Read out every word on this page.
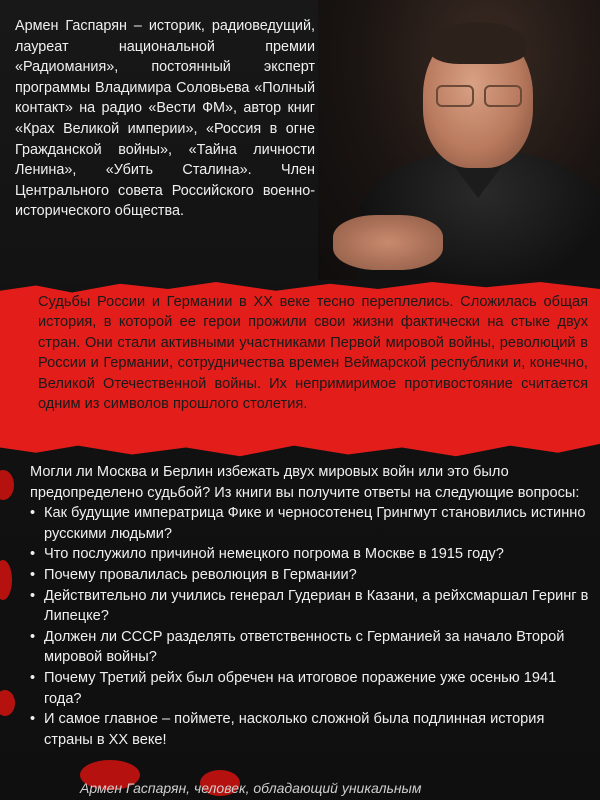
Армен Гаспарян – историк, радиоведущий, лауреат национальной премии «Радиомания», постоянный эксперт программы Владимира Соловьева «Полный контакт» на радио «Вести ФМ», автор книг «Крах Великой империи», «Россия в огне Гражданской войны», «Тайна личности Ленина», «Убить Сталина». Член Центрального совета Российского военно-исторического общества.
Судьбы России и Германии в XX веке тесно переплелись. Сложилась общая история, в которой ее герои прожили свои жизни фактически на стыке двух стран. Они стали активными участниками Первой мировой войны, революций в России и Германии, сотрудничества времен Веймарской республики и, конечно, Великой Отечественной войны. Их непримиримое противостояние считается одним из символов прошлого столетия.

Могли ли Москва и Берлин избежать двух мировых войн или это было предопределено судьбой? Из книги вы получите ответы на следующие вопросы:

• Как будущие императрица Фике и черносотенец Грингмут становились истинно русскими людьми?
• Что послужило причиной немецкого погрома в Москве в 1915 году?
• Почему провалилась революция в Германии?
• Действительно ли учились генерал Гудериан в Казани, а рейхсмаршал Геринг в Липецке?
• Должен ли СССР разделять ответственность с Германией за начало Второй мировой войны?
• Почему Третий рейх был обречен на итоговое поражение уже осенью 1941 года?
• И самое главное – поймете, насколько сложной была подлинная история страны в XX веке!
Армен Гаспарян, человек, обладающий уникальным
